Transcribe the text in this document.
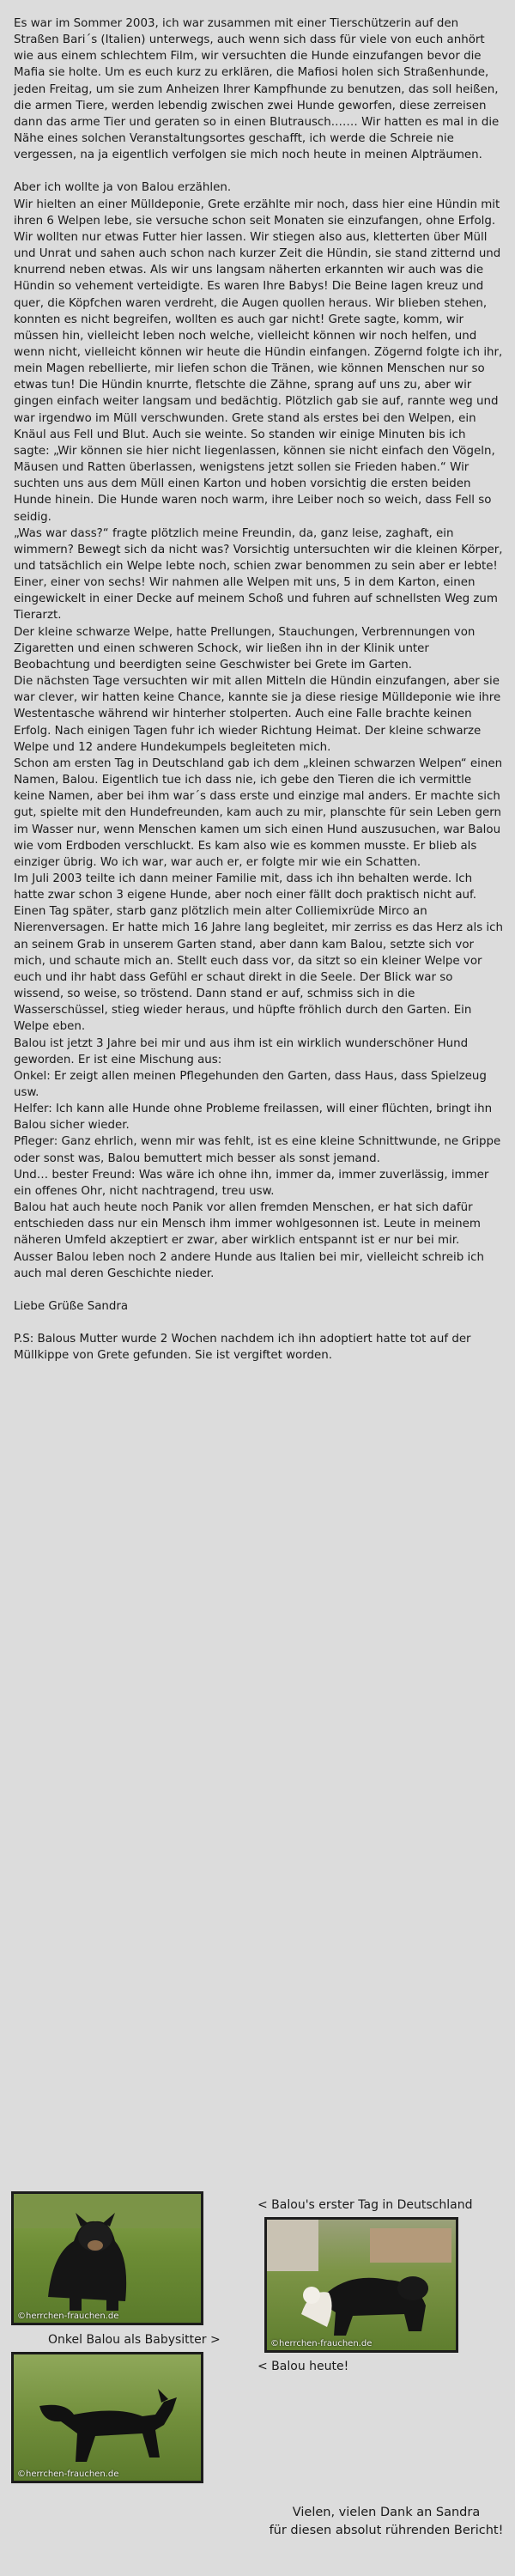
Es war im Sommer 2003, ich war zusammen mit einer Tierschützerin auf den Straßen Bari´s (Italien) unterwegs, auch wenn sich dass für viele von euch anhört wie aus einem schlechtem Film, wir versuchten die Hunde einzufangen bevor die Mafia sie holte. Um es euch kurz zu erklären, die Mafiosi holen sich Straßenhunde, jeden Freitag, um sie zum Anheizen Ihrer Kampfhunde zu benutzen, das soll heißen, die armen Tiere, werden lebendig zwischen zwei Hunde geworfen, diese zerreisen dann das arme Tier und geraten so in einen Blutrausch.…… Wir hatten es mal in die Nähe eines solchen Veranstaltungsortes geschafft, ich werde die Schreie nie vergessen, na ja eigentlich verfolgen sie mich noch heute in meinen Alpträumen.

Aber ich wollte ja von Balou erzählen.

Wir hielten an einer Mülldeponie, Grete erzählte mir noch, dass hier eine Hündin mit ihren 6 Welpen lebe, sie versuche schon seit Monaten sie einzufangen, ohne Erfolg. Wir wollten nur etwas Futter hier lassen. Wir stiegen also aus, kletterten über Müll und Unrat und sahen auch schon nach kurzer Zeit die Hündin, sie stand zitternd und knurrend neben etwas. Als wir uns langsam näherten erkannten wir auch was die Hündin so vehement verteidigte. Es waren Ihre Babys! Die Beine lagen kreuz und quer, die Köpfchen waren verdreht, die Augen quollen heraus. Wir blieben stehen, konnten es nicht begreifen, wollten es auch gar nicht! Grete sagte, komm, wir müssen hin, vielleicht leben noch welche, vielleicht können wir noch helfen, und wenn nicht, vielleicht können wir heute die Hündin einfangen. Zögernd folgte ich ihr, mein Magen rebellierte, mir liefen schon die Tränen, wie können Menschen nur so etwas tun! Die Hündin knurrte, fletschte die Zähne, sprang auf uns zu, aber wir gingen einfach weiter langsam und bedächtig. Plötzlich gab sie auf, rannte weg und war irgendwo im Müll verschwunden. Grete stand als erstes bei den Welpen, ein Knäul aus Fell und Blut. Auch sie weinte. So standen wir einige Minuten bis ich sagte: „Wir können sie hier nicht liegenlassen, können sie nicht einfach den Vögeln, Mäusen und Ratten überlassen, wenigstens jetzt sollen sie Frieden haben.“ Wir suchten uns aus dem Müll einen Karton und hoben vorsichtig die ersten beiden Hunde hinein. Die Hunde waren noch warm, ihre Leiber noch so weich, dass Fell so seidig.

„Was war dass?“ fragte plötzlich meine Freundin, da, ganz leise, zaghaft, ein wimmern? Bewegt sich da nicht was? Vorsichtig untersuchten wir die kleinen Körper, und tatsächlich ein Welpe lebte noch, schien zwar benommen zu sein aber er lebte! Einer, einer von sechs! Wir nahmen alle Welpen mit uns, 5 in dem Karton, einen eingewickelt in einer Decke auf meinem Schoß und fuhren auf schnellsten Weg zum Tierarzt.

Der kleine schwarze Welpe, hatte Prellungen, Stauchungen, Verbrennungen von Zigaretten und einen schweren Schock, wir ließen ihn in der Klinik unter Beobachtung und beerdigten seine Geschwister bei Grete im Garten.

Die nächsten Tage versuchten wir mit allen Mitteln die Hündin einzufangen, aber sie war clever, wir hatten keine Chance, kannte sie ja diese riesige Mülldeponie wie ihre Westentasche während wir hinterher stolperten. Auch eine Falle brachte keinen Erfolg. Nach einigen Tagen fuhr ich wieder Richtung Heimat. Der kleine schwarze Welpe und 12 andere Hundekumpels begleiteten mich.

Schon am ersten Tag in Deutschland gab ich dem „kleinen schwarzen Welpen“ einen Namen, Balou. Eigentlich tue ich dass nie, ich gebe den Tieren die ich vermittle keine Namen, aber bei ihm war´s dass erste und einzige mal anders. Er machte sich gut, spielte mit den Hundefreunden, kam auch zu mir, planschte für sein Leben gern im Wasser nur, wenn Menschen kamen um sich einen Hund auszusuchen, war Balou wie vom Erdboden verschluckt. Es kam also wie es kommen musste. Er blieb als einziger übrig. Wo ich war, war auch er, er folgte mir wie ein Schatten.

Im Juli 2003 teilte ich dann meiner Familie mit, dass ich ihn behalten werde. Ich hatte zwar schon 3 eigene Hunde, aber noch einer fällt doch praktisch nicht auf. Einen Tag später, starb ganz plötzlich mein alter Colliemixrüde Mirco an Nierenversagen. Er hatte mich 16 Jahre lang begleitet, mir zerriss es das Herz als ich an seinem Grab in unserem Garten stand, aber dann kam Balou, setzte sich vor mich, und schaute mich an. Stellt euch dass vor, da sitzt so ein kleiner Welpe vor euch und ihr habt dass Gefühl er schaut direkt in die Seele. Der Blick war so wissend, so weise, so tröstend. Dann stand er auf, schmiss sich in die Wasserschüssel, stieg wieder heraus, und hüpfte fröhlich durch den Garten. Ein Welpe eben.

Balou ist jetzt 3 Jahre bei mir und aus ihm ist ein wirklich wunderschöner Hund geworden. Er ist eine Mischung aus:

Onkel: Er zeigt allen meinen Pflegehunden den Garten, dass Haus, dass Spielzeug usw.

Helfer: Ich kann alle Hunde ohne Probleme freilassen, will einer flüchten, bringt ihn Balou sicher wieder.

Pfleger: Ganz ehrlich, wenn mir was fehlt, ist es eine kleine Schnittwunde, ne Grippe oder sonst was, Balou bemuttert mich besser als sonst jemand.

Und… bester Freund: Was wäre ich ohne ihn, immer da, immer zuverlässig, immer ein offenes Ohr, nicht nachtragend, treu usw.

Balou hat auch heute noch Panik vor allen fremden Menschen, er hat sich dafür entschieden dass nur ein Mensch ihm immer wohlgesonnen ist. Leute in meinem näheren Umfeld akzeptiert er zwar, aber wirklich entspannt ist er nur bei mir.

Ausser Balou leben noch 2 andere Hunde aus Italien bei mir, vielleicht schreib ich auch mal deren Geschichte nieder.

Liebe Grüße Sandra

P.S: Balous Mutter wurde 2 Wochen nachdem ich ihn adoptiert hatte tot auf der Müllkippe von Grete gefunden. Sie ist vergiftet worden.

©herrchen-frauchen.de
< Balou's erster Tag in Deutschland
©herrchen-frauchen.de
Onkel Balou als Babysitter >
©herrchen-frauchen.de
< Balou heute!
Vielen, vielen Dank an Sandra
für diesen absolut rührenden Bericht!
